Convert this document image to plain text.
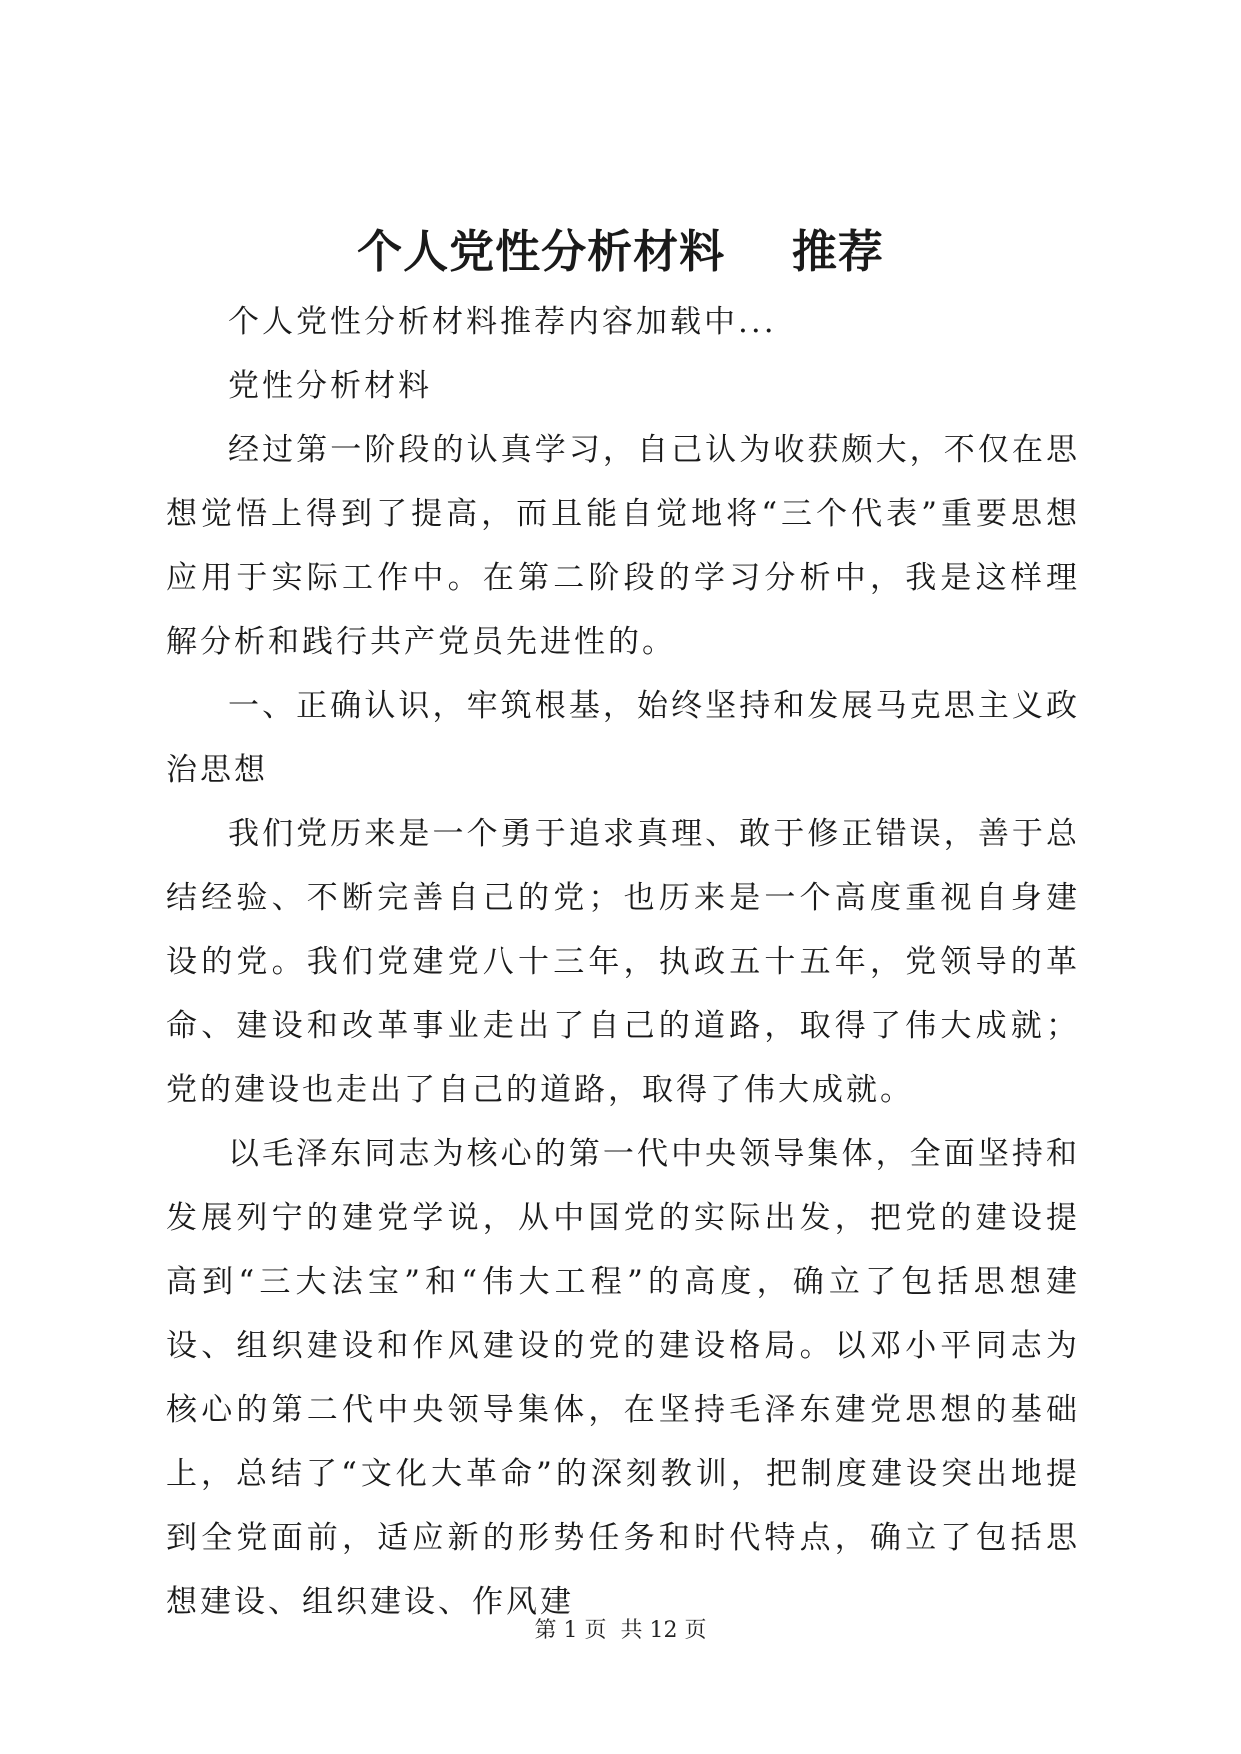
个人党性分析材料    推荐

个人党性分析材料推荐内容加载中...

党性分析材料

经过第一阶段的认真学习，自己认为收获颇大，不仅在思想觉悟上得到了提高，而且能自觉地将“三个代表”重要思想应用于实际工作中。在第二阶段的学习分析中，我是这样理解分析和践行共产党员先进性的。

一、正确认识，牢筑根基，始终坚持和发展马克思主义政治思想

我们党历来是一个勇于追求真理、敢于修正错误，善于总结经验、不断完善自己的党；也历来是一个高度重视自身建设的党。我们党建党八十三年，执政五十五年，党领导的革命、建设和改革事业走出了自己的道路，取得了伟大成就；党的建设也走出了自己的道路，取得了伟大成就。

以毛泽东同志为核心的第一代中央领导集体，全面坚持和发展列宁的建党学说，从中国党的实际出发，把党的建设提高到“三大法宝”和“伟大工程”的高度，确立了包括思想建设、组织建设和作风建设的党的建设格局。以邓小平同志为核心的第二代中央领导集体，在坚持毛泽东建党思想的基础上，总结了“文化大革命”的深刻教训，把制度建设突出地提到全党面前，适应新的形势任务和时代特点，确立了包括思想建设、组织建设、作风建

第 1 页  共 12 页
